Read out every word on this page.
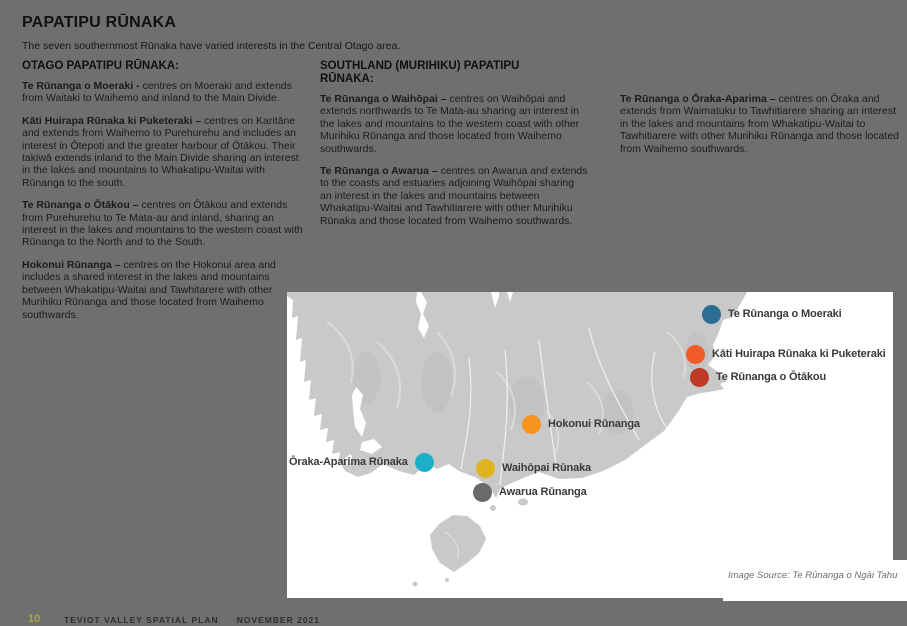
PAPATIPU RŪNAKA

The seven southernmost Rūnaka have varied interests in the Central Otago area.

OTAGO PAPATIPU RŪNAKA:

Te Rūnanga o Moeraki - centres on Moeraki and extends from Waitaki to Waihemo and inland to the Main Divide.

Kāti Huirapa Rūnaka ki Puketeraki – centres on Karitāne and extends from Waihemo to Purehurehu and includes an interest in Ōtepoti and the greater harbour of Ōtākou. Their takiwā extends inland to the Main Divide sharing an interest in the lakes and mountains to Whakatipu-Waitai with Rūnanga to the south.

Te Rūnanga o Ōtākou – centres on Ōtākou and extends from Purehurehu to Te Mata-au and inland, sharing an interest in the lakes and mountains to the western coast with Rūnanga to the North and to the South.

Hokonui Rūnanga – centres on the Hokonui area and includes a shared interest in the lakes and mountains between Whakatipu-Waitai and Tawhitarere with other Murihiku Rūnanga and those located from Waihemo southwards.

SOUTHLAND (MURIHIKU) PAPATIPU RŪNAKA:

Te Rūnanga o Waihōpai – centres on Waihōpai and extends northwards to Te Mata-au sharing an interest in the lakes and mountains to the western coast with other Murihiku Rūnanga and those located from Waihemo southwards.

Te Rūnanga o Awarua – centres on Awarua and extends to the coasts and estuaries adjoining Waihōpai sharing an interest in the lakes and mountains between Whakatipu-Waitai and Tawhitiarere with other Murihiku Rūnaka and those located from Waihemo southwards.

Te Rūnanga o Ōraka-Aparima – centres on Ōraka and extends from Waimatuku to Tawhitiarere sharing an interest in the lakes and mountains from Whakatipu-Waitai to Tawhitiarere with other Murihiku Rūnanga and those located from Waihemo southwards.

Te Rūnanga o Moeraki
Kāti Huirapa Rūnaka ki Puketeraki
Te Rūnanga o Ōtākou
Hokonui Rūnanga
Ōraka-Aparima Rūnaka	Waihōpai Rūnaka
Awarua Rūnanga
Image Source: Te Rūnanga o Ngāi Tahu
10	TEVIOT VALLEY SPATIAL PLAN NOVEMBER 2021
